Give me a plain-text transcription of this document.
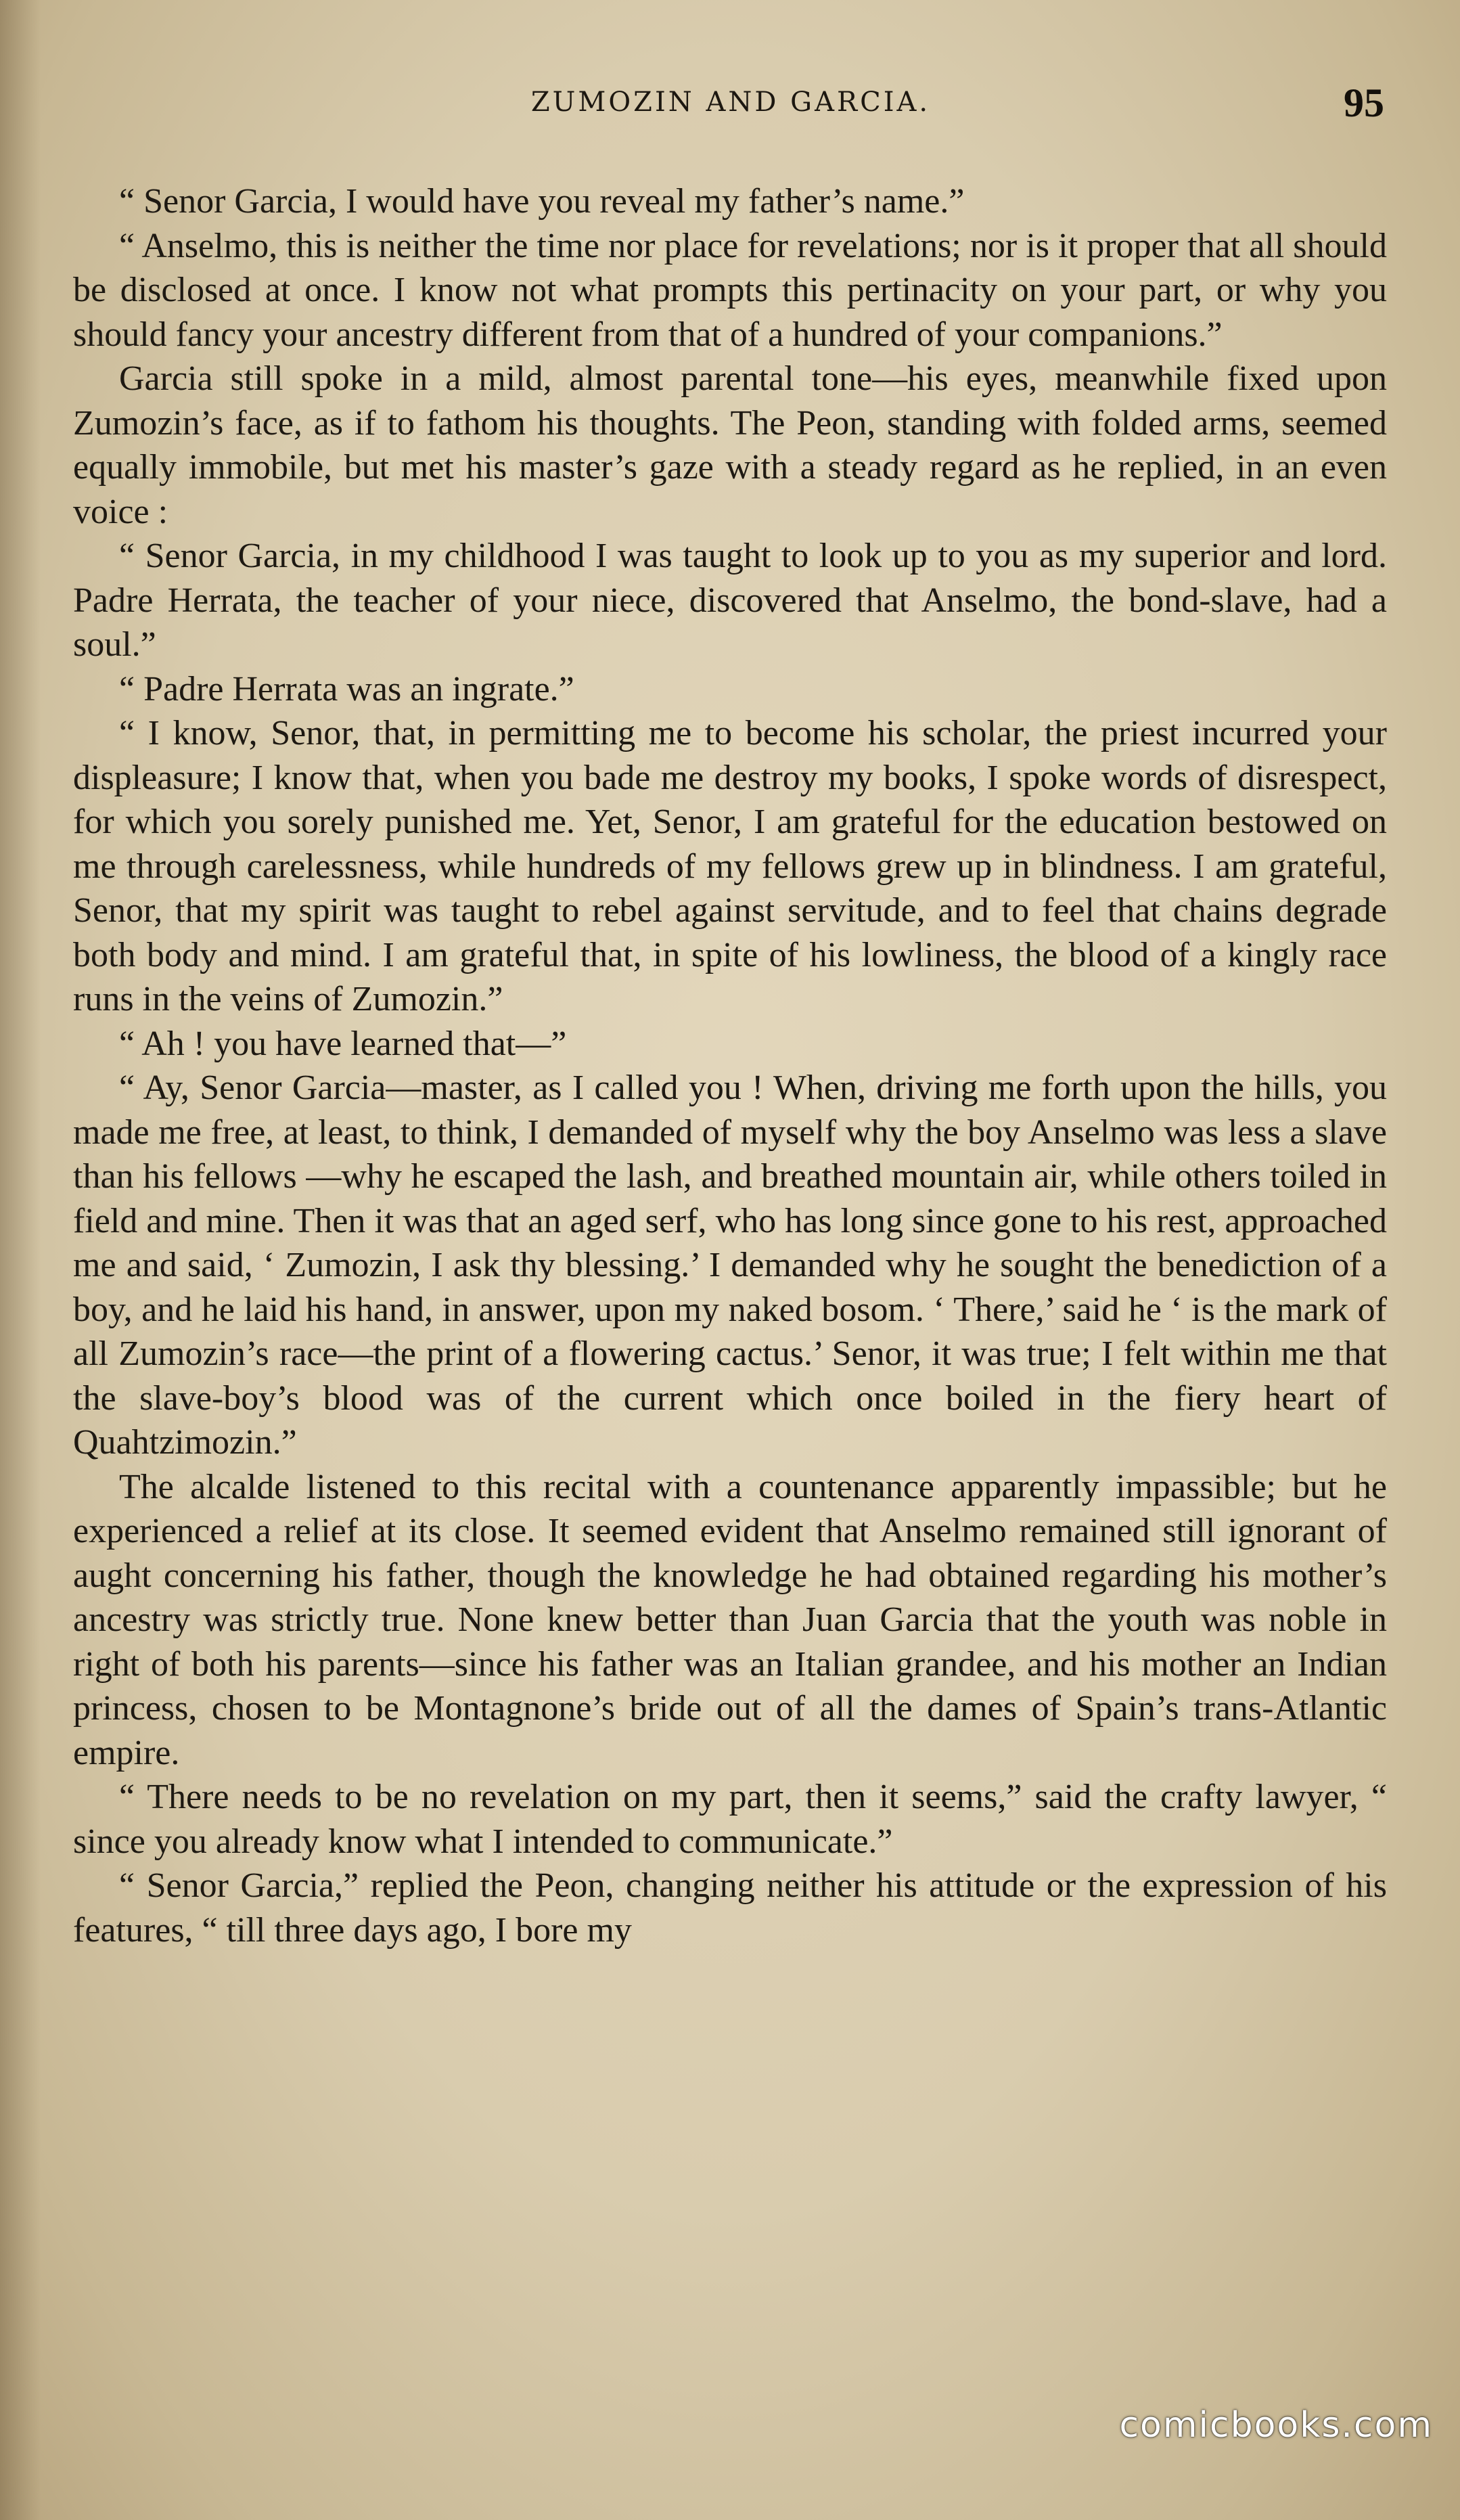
ZUMOZIN AND GARCIA.	95

“ Senor Garcia, I would have you reveal my father’s name.”

“ Anselmo, this is neither the time nor place for revelations; nor is it proper that all should be disclosed at once. I know not what prompts this pertinacity on your part, or why you should fancy your ancestry different from that of a hundred of your companions.”

Garcia still spoke in a mild, almost parental tone—his eyes, meanwhile fixed upon Zumozin’s face, as if to fathom his thoughts. The Peon, standing with folded arms, seemed equally immobile, but met his master’s gaze with a steady regard as he replied, in an even voice :

“ Senor Garcia, in my childhood I was taught to look up to you as my superior and lord. Padre Herrata, the teacher of your niece, discovered that Anselmo, the bond-slave, had a soul.”

“ Padre Herrata was an ingrate.”

“ I know, Senor, that, in permitting me to become his scholar, the priest incurred your displeasure; I know that, when you bade me destroy my books, I spoke words of disrespect, for which you sorely punished me. Yet, Senor, I am grateful for the education bestowed on me through carelessness, while hundreds of my fellows grew up in blindness. I am grateful, Senor, that my spirit was taught to rebel against servitude, and to feel that chains degrade both body and mind. I am grateful that, in spite of his lowliness, the blood of a kingly race runs in the veins of Zumozin.”

“ Ah ! you have learned that—”

“ Ay, Senor Garcia—master, as I called you ! When, driving me forth upon the hills, you made me free, at least, to think, I demanded of myself why the boy Anselmo was less a slave than his fellows —why he escaped the lash, and breathed mountain air, while others toiled in field and mine. Then it was that an aged serf, who has long since gone to his rest, approached me and said, ‘ Zumozin, I ask thy blessing.’ I demanded why he sought the benediction of a boy, and he laid his hand, in answer, upon my naked bosom. ‘ There,’ said he ‘ is the mark of all Zumozin’s race—the print of a flowering cactus.’ Senor, it was true; I felt within me that the slave-boy’s blood was of the current which once boiled in the fiery heart of Quahtzimozin.”

The alcalde listened to this recital with a countenance apparently impassible; but he experienced a relief at its close. It seemed evident that Anselmo remained still ignorant of aught concerning his father, though the knowledge he had obtained regarding his mother’s ancestry was strictly true. None knew better than Juan Garcia that the youth was noble in right of both his parents—since his father was an Italian grandee, and his mother an Indian princess, chosen to be Montagnone’s bride out of all the dames of Spain’s trans-Atlantic empire.

“ There needs to be no revelation on my part, then it seems,” said the crafty lawyer, “ since you already know what I intended to communicate.”

“ Senor Garcia,” replied the Peon, changing neither his attitude or the expression of his features, “ till three days ago, I bore my

comicbooks.com
